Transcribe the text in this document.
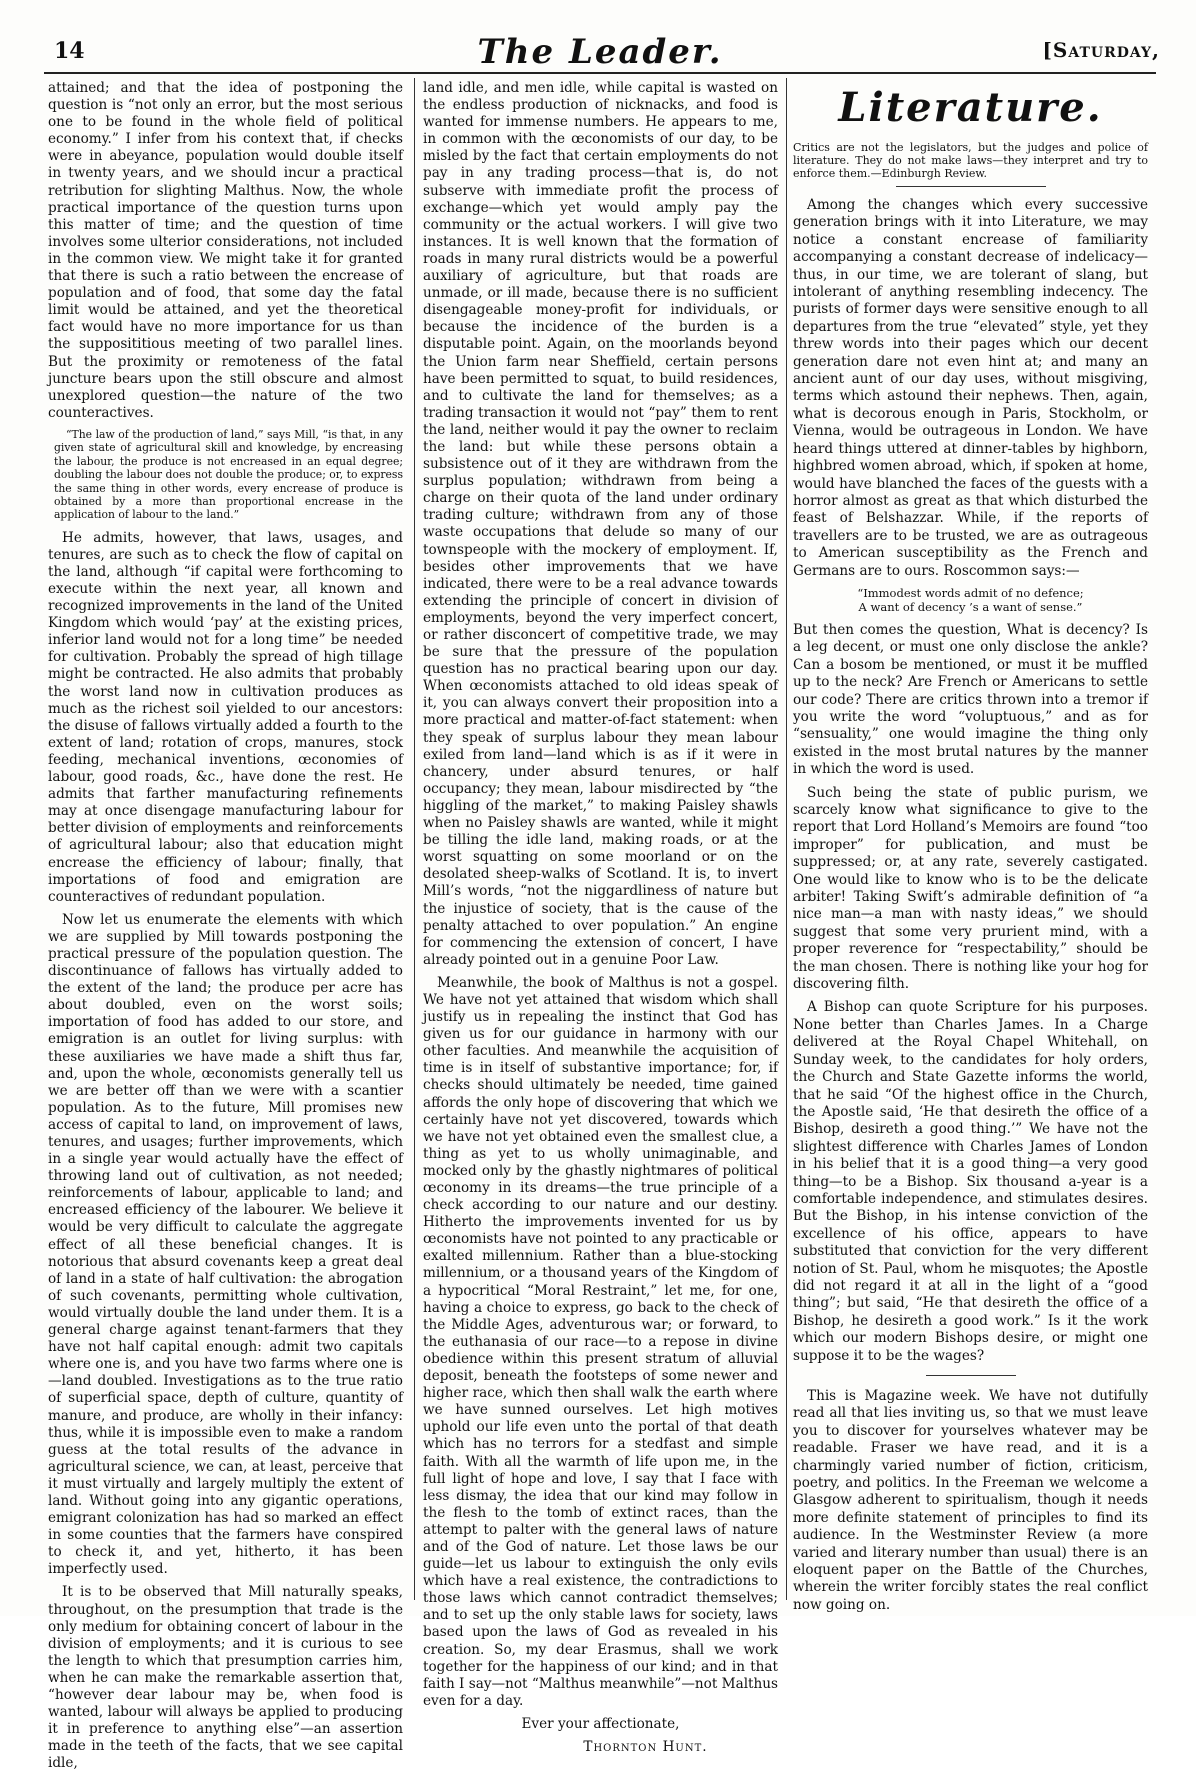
14	The Leader.	[Saturday,

attained; and that the idea of postponing the question is “not only an error, but the most serious one to be found in the whole field of political economy.” I infer from his context that, if checks were in abeyance, population would double itself in twenty years, and we should incur a practical retribution for slighting Malthus. Now, the whole practical importance of the question turns upon this matter of time; and the question of time involves some ulterior considerations, not included in the common view. We might take it for granted that there is such a ratio between the encrease of population and of food, that some day the fatal limit would be attained, and yet the theoretical fact would have no more importance for us than the supposititious meeting of two parallel lines. But the proximity or remoteness of the fatal juncture bears upon the still obscure and almost unexplored question—the nature of the two counteractives.

“The law of the production of land,” says Mill, “is that, in any given state of agricultural skill and knowledge, by encreasing the labour, the produce is not encreased in an equal degree; doubling the labour does not double the produce; or, to express the same thing in other words, every encrease of produce is obtained by a more than proportional encrease in the application of labour to the land.”

He admits, however, that laws, usages, and tenures, are such as to check the flow of capital on the land, although “if capital were forthcoming to execute within the next year, all known and recognized improvements in the land of the United Kingdom which would ‘pay’ at the existing prices, inferior land would not for a long time” be needed for cultivation. Probably the spread of high tillage might be contracted. He also admits that probably the worst land now in cultivation produces as much as the richest soil yielded to our ancestors: the disuse of fallows virtually added a fourth to the extent of land; rotation of crops, manures, stock feeding, mechanical inventions, œconomies of labour, good roads, &c., have done the rest. He admits that farther manufacturing refinements may at once disengage manufacturing labour for better division of employments and reinforcements of agricultural labour; also that education might encrease the efficiency of labour; finally, that importations of food and emigration are counteractives of redundant population.

Now let us enumerate the elements with which we are supplied by Mill towards postponing the practical pressure of the population question. The discontinuance of fallows has virtually added to the extent of the land; the produce per acre has about doubled, even on the worst soils; importation of food has added to our store, and emigration is an outlet for living surplus: with these auxiliaries we have made a shift thus far, and, upon the whole, œconomists generally tell us we are better off than we were with a scantier population. As to the future, Mill promises new access of capital to land, on improvement of laws, tenures, and usages; further improvements, which in a single year would actually have the effect of throwing land out of cultivation, as not needed; reinforcements of labour, applicable to land; and encreased efficiency of the labourer. We believe it would be very difficult to calculate the aggregate effect of all these beneficial changes. It is notorious that absurd covenants keep a great deal of land in a state of half cultivation: the abrogation of such covenants, permitting whole cultivation, would virtually double the land under them. It is a general charge against tenant-farmers that they have not half capital enough: admit two capitals where one is, and you have two farms where one is—land doubled. Investigations as to the true ratio of superficial space, depth of culture, quantity of manure, and produce, are wholly in their infancy: thus, while it is impossible even to make a random guess at the total results of the advance in agricultural science, we can, at least, perceive that it must virtually and largely multiply the extent of land. Without going into any gigantic operations, emigrant colonization has had so marked an effect in some counties that the farmers have conspired to check it, and yet, hitherto, it has been imperfectly used.

It is to be observed that Mill naturally speaks, throughout, on the presumption that trade is the only medium for obtaining concert of labour in the division of employments; and it is curious to see the length to which that presumption carries him, when he can make the remarkable assertion that, “however dear labour may be, when food is wanted, labour will always be applied to producing it in preference to anything else”—an assertion made in the teeth of the facts, that we see capital idle,

land idle, and men idle, while capital is wasted on the endless production of nicknacks, and food is wanted for immense numbers. He appears to me, in common with the œconomists of our day, to be misled by the fact that certain employments do not pay in any trading process—that is, do not subserve with immediate profit the process of exchange—which yet would amply pay the community or the actual workers. I will give two instances. It is well known that the formation of roads in many rural districts would be a powerful auxiliary of agriculture, but that roads are unmade, or ill made, because there is no sufficient disengageable money-profit for individuals, or because the incidence of the burden is a disputable point. Again, on the moorlands beyond the Union farm near Sheffield, certain persons have been permitted to squat, to build residences, and to cultivate the land for themselves; as a trading transaction it would not “pay” them to rent the land, neither would it pay the owner to reclaim the land: but while these persons obtain a subsistence out of it they are withdrawn from the surplus population; withdrawn from being a charge on their quota of the land under ordinary trading culture; withdrawn from any of those waste occupations that delude so many of our townspeople with the mockery of employment. If, besides other improvements that we have indicated, there were to be a real advance towards extending the principle of concert in division of employments, beyond the very imperfect concert, or rather disconcert of competitive trade, we may be sure that the pressure of the population question has no practical bearing upon our day. When œconomists attached to old ideas speak of it, you can always convert their proposition into a more practical and matter-of-fact statement: when they speak of surplus labour they mean labour exiled from land—land which is as if it were in chancery, under absurd tenures, or half occupancy; they mean, labour misdirected by “the higgling of the market,” to making Paisley shawls when no Paisley shawls are wanted, while it might be tilling the idle land, making roads, or at the worst squatting on some moorland or on the desolated sheep-walks of Scotland. It is, to invert Mill’s words, “not the niggardliness of nature but the injustice of society, that is the cause of the penalty attached to over population.” An engine for commencing the extension of concert, I have already pointed out in a genuine Poor Law.

Meanwhile, the book of Malthus is not a gospel. We have not yet attained that wisdom which shall justify us in repealing the instinct that God has given us for our guidance in harmony with our other faculties. And meanwhile the acquisition of time is in itself of substantive importance; for, if checks should ultimately be needed, time gained affords the only hope of discovering that which we certainly have not yet discovered, towards which we have not yet obtained even the smallest clue, a thing as yet to us wholly unimaginable, and mocked only by the ghastly nightmares of political œconomy in its dreams—the true principle of a check according to our nature and our destiny. Hitherto the improvements invented for us by œconomists have not pointed to any practicable or exalted millennium. Rather than a blue-stocking millennium, or a thousand years of the Kingdom of a hypocritical “Moral Restraint,” let me, for one, having a choice to express, go back to the check of the Middle Ages, adventurous war; or forward, to the euthanasia of our race—to a repose in divine obedience within this present stratum of alluvial deposit, beneath the footsteps of some newer and higher race, which then shall walk the earth where we have sunned ourselves. Let high motives uphold our life even unto the portal of that death which has no terrors for a stedfast and simple faith. With all the warmth of life upon me, in the full light of hope and love, I say that I face with less dismay, the idea that our kind may follow in the flesh to the tomb of extinct races, than the attempt to palter with the general laws of nature and of the God of nature. Let those laws be our guide—let us labour to extinguish the only evils which have a real existence, the contradictions to those laws which cannot contradict themselves; and to set up the only stable laws for society, laws based upon the laws of God as revealed in his creation. So, my dear Erasmus, shall we work together for the happiness of our kind; and in that faith I say—not “Malthus meanwhile”—not Malthus even for a day.

Ever your affectionate,

Thornton Hunt.

Literature.

Critics are not the legislators, but the judges and police of literature. They do not make laws—they interpret and try to enforce them.—Edinburgh Review.

Among the changes which every successive generation brings with it into Literature, we may notice a constant encrease of familiarity accompanying a constant decrease of indelicacy—thus, in our time, we are tolerant of slang, but intolerant of anything resembling indecency. The purists of former days were sensitive enough to all departures from the true “elevated” style, yet they threw words into their pages which our decent generation dare not even hint at; and many an ancient aunt of our day uses, without misgiving, terms which astound their nephews. Then, again, what is decorous enough in Paris, Stockholm, or Vienna, would be outrageous in London. We have heard things uttered at dinner-tables by highborn, highbred women abroad, which, if spoken at home, would have blanched the faces of the guests with a horror almost as great as that which disturbed the feast of Belshazzar. While, if the reports of travellers are to be trusted, we are as outrageous to American susceptibility as the French and Germans are to ours. Roscommon says:—

“Immodest words admit of no defence;

A want of decency ’s a want of sense.”

But then comes the question, What is decency? Is a leg decent, or must one only disclose the ankle? Can a bosom be mentioned, or must it be muffled up to the neck? Are French or Americans to settle our code? There are critics thrown into a tremor if you write the word “voluptuous,” and as for “sensuality,” one would imagine the thing only existed in the most brutal natures by the manner in which the word is used.

Such being the state of public purism, we scarcely know what significance to give to the report that Lord Holland’s Memoirs are found “too improper” for publication, and must be suppressed; or, at any rate, severely castigated. One would like to know who is to be the delicate arbiter! Taking Swift’s admirable definition of “a nice man—a man with nasty ideas,” we should suggest that some very prurient mind, with a proper reverence for “respectability,” should be the man chosen. There is nothing like your hog for discovering filth.

A Bishop can quote Scripture for his purposes. None better than Charles James. In a Charge delivered at the Royal Chapel Whitehall, on Sunday week, to the candidates for holy orders, the Church and State Gazette informs the world, that he said “Of the highest office in the Church, the Apostle said, ‘He that desireth the office of a Bishop, desireth a good thing.’” We have not the slightest difference with Charles James of London in his belief that it is a good thing—a very good thing—to be a Bishop. Six thousand a-year is a comfortable independence, and stimulates desires. But the Bishop, in his intense conviction of the excellence of his office, appears to have substituted that conviction for the very different notion of St. Paul, whom he misquotes; the Apostle did not regard it at all in the light of a “good thing”; but said, “He that desireth the office of a Bishop, he desireth a good work.” Is it the work which our modern Bishops desire, or might one suppose it to be the wages?

This is Magazine week. We have not dutifully read all that lies inviting us, so that we must leave you to discover for yourselves whatever may be readable. Fraser we have read, and it is a charmingly varied number of fiction, criticism, poetry, and politics. In the Freeman we welcome a Glasgow adherent to spiritualism, though it needs more definite statement of principles to find its audience. In the Westminster Review (a more varied and literary number than usual) there is an eloquent paper on the Battle of the Churches, wherein the writer forcibly states the real conflict now going on.
